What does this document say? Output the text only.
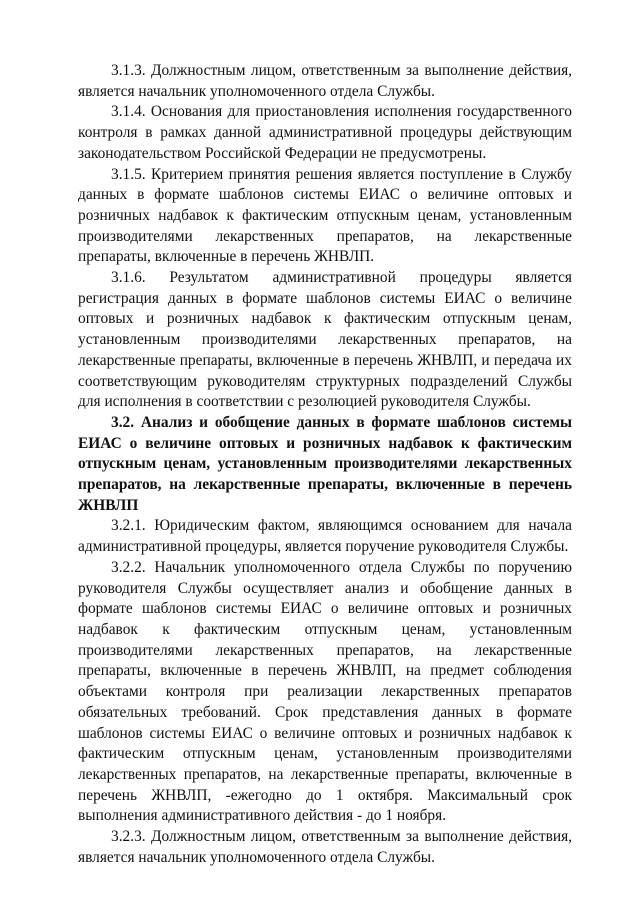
3.1.3. Должностным лицом, ответственным за выполнение действия, является начальник уполномоченного отдела Службы.

3.1.4. Основания для приостановления исполнения государственного контроля в рамках данной административной процедуры действующим законодательством Российской Федерации не предусмотрены.

3.1.5. Критерием принятия решения является поступление в Службу данных в формате шаблонов системы ЕИАС о величине оптовых и розничных надбавок к фактическим отпускным ценам, установленным производителями лекарственных препаратов, на лекарственные препараты, включенные в перечень ЖНВЛП.

3.1.6. Результатом административной процедуры является регистрация данных в формате шаблонов системы ЕИАС о величине оптовых и розничных надбавок к фактическим отпускным ценам, установленным производителями лекарственных препаратов, на лекарственные препараты, включенные в перечень ЖНВЛП, и передача их соответствующим руководителям структурных подразделений Службы для исполнения в соответствии с резолюцией руководителя Службы.

3.2. Анализ и обобщение данных в формате шаблонов системы ЕИАС о величине оптовых и розничных надбавок к фактическим отпускным ценам, установленным производителями лекарственных препаратов, на лекарственные препараты, включенные в перечень ЖНВЛП

3.2.1. Юридическим фактом, являющимся основанием для начала административной процедуры, является поручение руководителя Службы.

3.2.2. Начальник уполномоченного отдела Службы по поручению руководителя Службы осуществляет анализ и обобщение данных в формате шаблонов системы ЕИАС о величине оптовых и розничных надбавок к фактическим отпускным ценам, установленным производителями лекарственных препаратов, на лекарственные препараты, включенные в перечень ЖНВЛП, на предмет соблюдения объектами контроля при реализации лекарственных препаратов обязательных требований. Срок представления данных в формате шаблонов системы ЕИАС о величине оптовых и розничных надбавок к фактическим отпускным ценам, установленным производителями лекарственных препаратов, на лекарственные препараты, включенные в перечень ЖНВЛП, -ежегодно до 1 октября. Максимальный срок выполнения административного действия - до 1 ноября.

3.2.3. Должностным лицом, ответственным за выполнение действия, является начальник уполномоченного отдела Службы.
